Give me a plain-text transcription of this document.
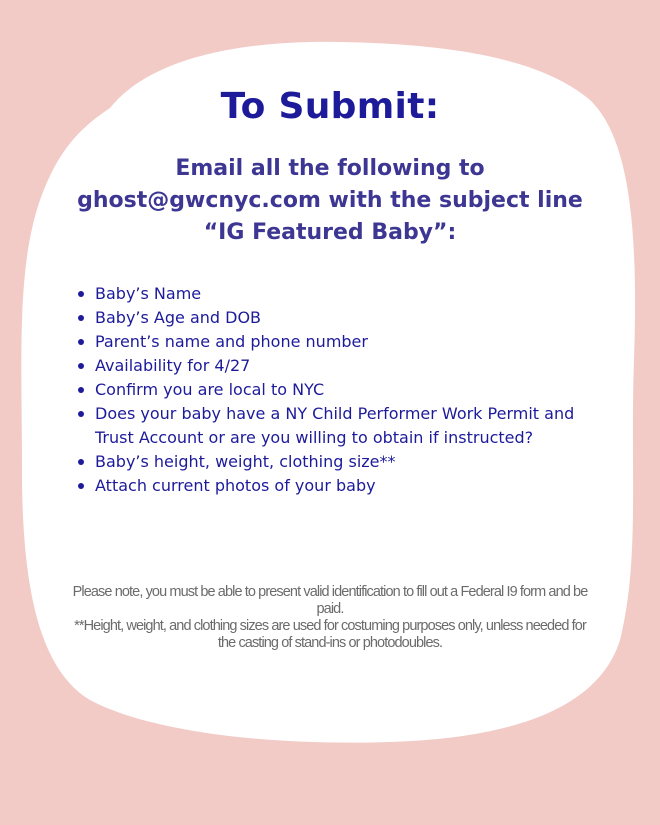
To Submit:
Email all the following to
ghost@gwcnyc.com with the subject line
“IG Featured Baby”:
Baby’s Name
Baby’s Age and DOB
Parent’s name and phone number
Availability for 4/27
Confirm you are local to NYC
Does your baby have a NY Child Performer Work Permit and Trust Account or are you willing to obtain if instructed?
Baby’s height, weight, clothing size**
Attach current photos of your baby

Please note, you must be able to present valid identification to fill out a Federal I9 form and be paid.
**Height, weight, and clothing sizes are used for costuming purposes only, unless needed for the casting of stand-ins or photodoubles.
